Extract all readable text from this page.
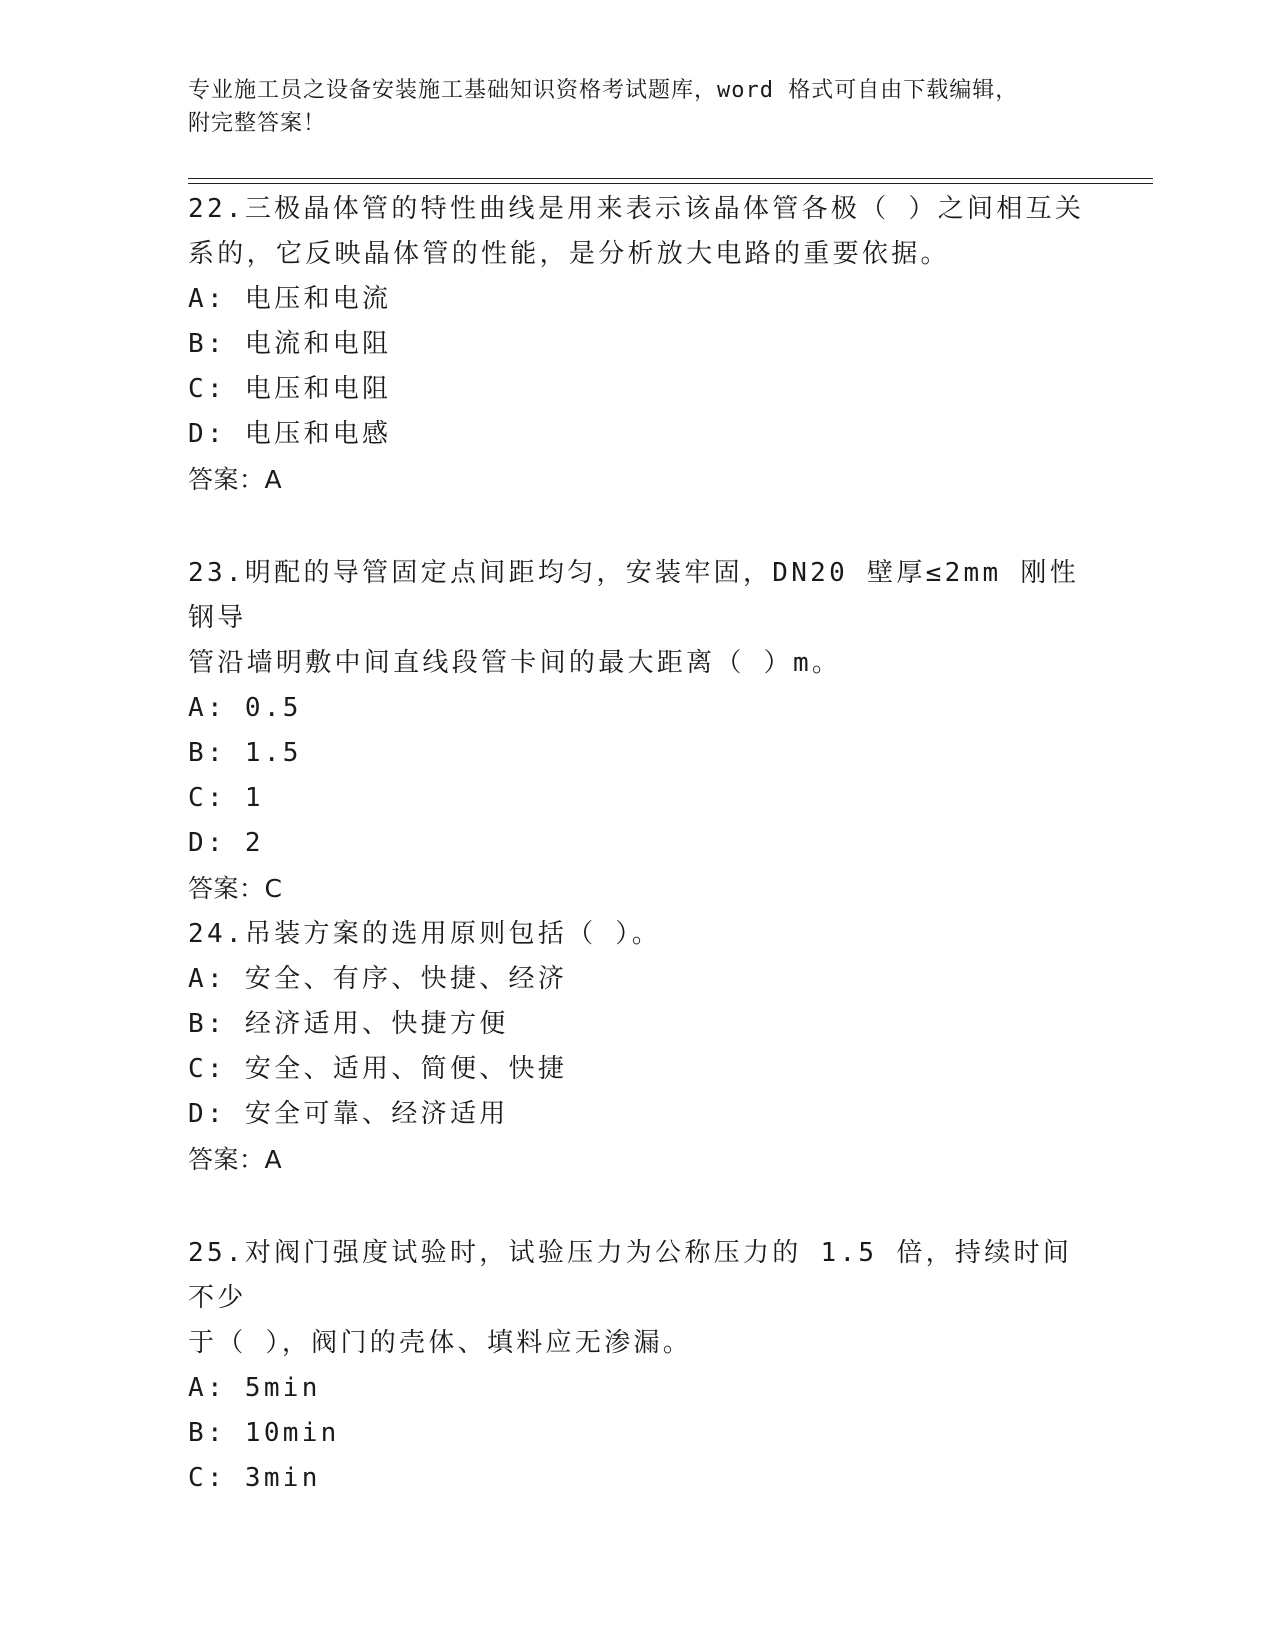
专业施工员之设备安装施工基础知识资格考试题库，word 格式可自由下载编辑，
附完整答案！
22.三极晶体管的特性曲线是用来表示该晶体管各极（ ）之间相互关
系的，它反映晶体管的性能，是分析放大电路的重要依据。
A: 电压和电流
B: 电流和电阻
C: 电压和电阻
D: 电压和电感
答案：A
23.明配的导管固定点间距均匀，安装牢固，DN20 壁厚≤2mm 刚性钢导
管沿墙明敷中间直线段管卡间的最大距离（ ）m。
A: 0.5
B: 1.5
C: 1
D: 2
答案：C
24.吊装方案的选用原则包括（ ）。
A: 安全、有序、快捷、经济
B: 经济适用、快捷方便
C: 安全、适用、简便、快捷
D: 安全可靠、经济适用
答案：A
25.对阀门强度试验时，试验压力为公称压力的 1.5 倍，持续时间不少
于（ ），阀门的壳体、填料应无渗漏。
A: 5min
B: 10min
C: 3min
